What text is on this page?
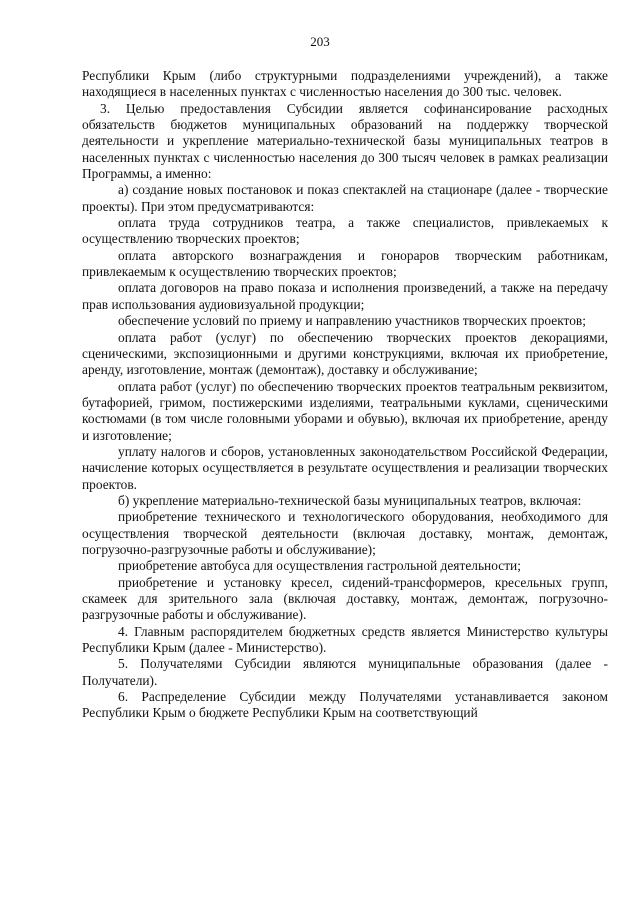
203

Республики Крым (либо структурными подразделениями учреждений), а также находящиеся в населенных пунктах с численностью населения до 300 тыс. человек.

3. Целью предоставления Субсидии является софинансирование расходных обязательств бюджетов муниципальных образований на поддержку творческой деятельности и укрепление материально-технической базы муниципальных театров в населенных пунктах с численностью населения до 300 тысяч человек в рамках реализации Программы, а именно:

а) создание новых постановок и показ спектаклей на стационаре (далее - творческие проекты). При этом предусматриваются:

оплата труда сотрудников театра, а также специалистов, привлекаемых к осуществлению творческих проектов;

оплата авторского вознаграждения и гонораров творческим работникам, привлекаемым к осуществлению творческих проектов;

оплата договоров на право показа и исполнения произведений, а также на передачу прав использования аудиовизуальной продукции;

обеспечение условий по приему и направлению участников творческих проектов;

оплата работ (услуг) по обеспечению творческих проектов декорациями, сценическими, экспозиционными и другими конструкциями, включая их приобретение, аренду, изготовление, монтаж (демонтаж), доставку и обслуживание;

оплата работ (услуг) по обеспечению творческих проектов театральным реквизитом, бутафорией, гримом, постижерскими изделиями, театральными куклами, сценическими костюмами (в том числе головными уборами и обувью), включая их приобретение, аренду и изготовление;

уплату налогов и сборов, установленных законодательством Российской Федерации, начисление которых осуществляется в результате осуществления и реализации творческих проектов.

б) укрепление материально-технической базы муниципальных театров, включая:

приобретение технического и технологического оборудования, необходимого для осуществления творческой деятельности (включая доставку, монтаж, демонтаж, погрузочно-разгрузочные работы и обслуживание);

приобретение автобуса для осуществления гастрольной деятельности;

приобретение и установку кресел, сидений-трансформеров, кресельных групп, скамеек для зрительного зала (включая доставку, монтаж, демонтаж, погрузочно-разгрузочные работы и обслуживание).

4. Главным распорядителем бюджетных средств является Министерство культуры Республики Крым (далее - Министерство).

5. Получателями Субсидии являются муниципальные образования (далее - Получатели).

6. Распределение Субсидии между Получателями устанавливается законом Республики Крым о бюджете Республики Крым на соответствующий
